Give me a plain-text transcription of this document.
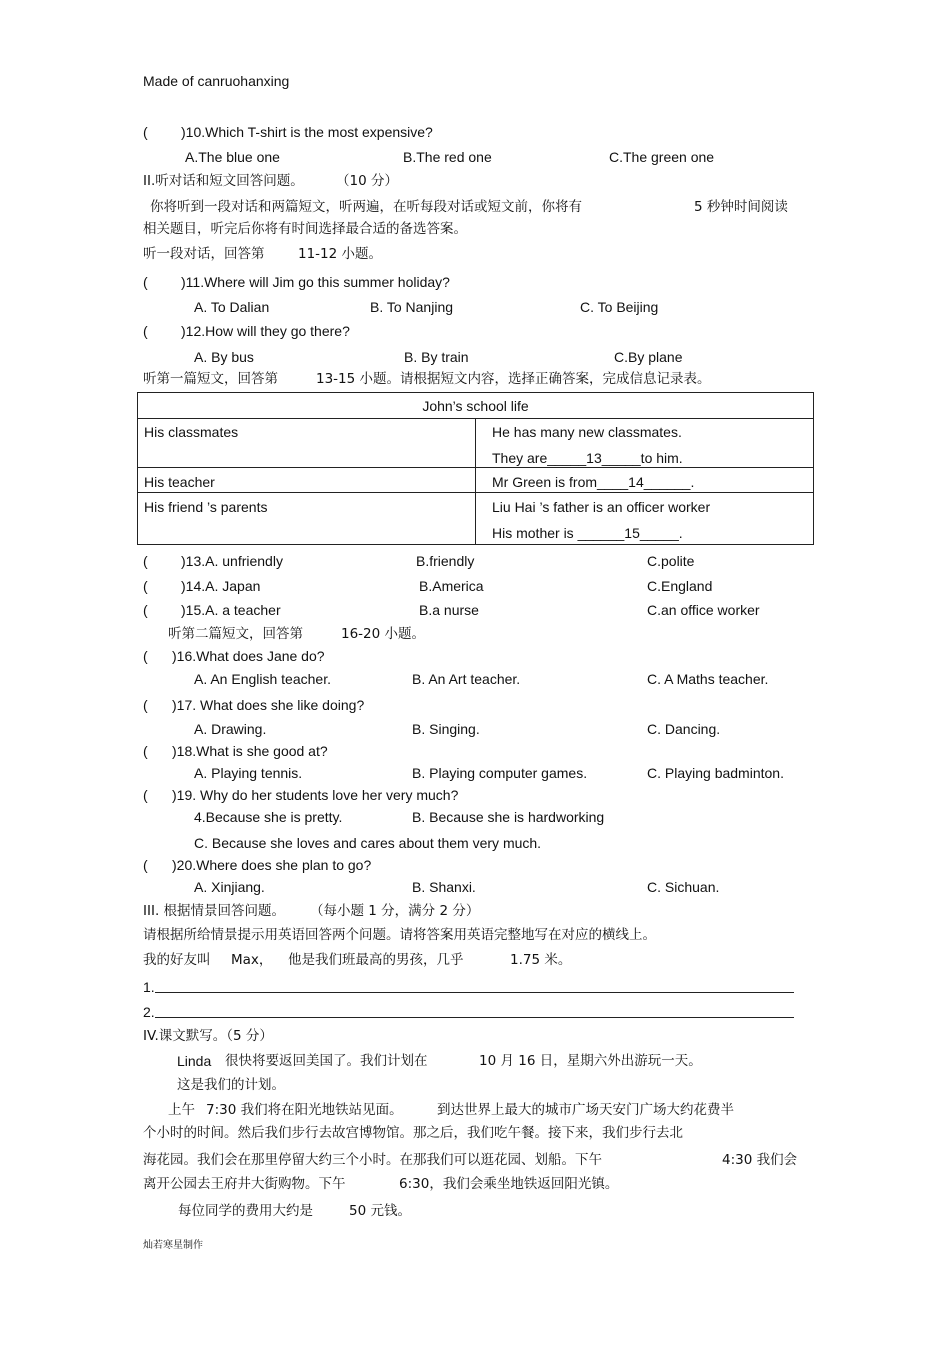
Made of canruohanxing
( )10.Which T-shirt is the most expensive?
A.The blue one	B.The red one	C.The green one
II.听对话和短文回答问题。 （10 分）
你将听到一段对话和两篇短文，听两遍，在听每段对话或短文前，你将有	5 秒钟时间阅读
相关题目，听完后你将有时间选择最合适的备选答案。
听一段对话，回答第 11-12 小题。
( )11.Where will Jim go this summer holiday?
A. To Dalian	B. To Nanjing	C. To Beijing
( )12.How will they go there?
A. By bus	B. By train	C.By plane
听第一篇短文，回答第	13-15 小题。请根据短文内容，选择正确答案，完成信息记录表。
John’s school life	
His classmates	He has many new classmates.
They are_____13_____to him.

His teacher	Mr Green is from____14______.
His friend ’s parents	Liu Hai ’s father is an officer worker
His mother is ______15_____.
( )13.A. unfriendly	B.friendly	C.polite
( )14.A. Japan	B.America	C.England
( )15.A. a teacher	B.a nurse	C.an office worker
听第二篇短文，回答第	16-20 小题。
( )16.What does Jane do?
A. An English teacher.	B. An Art teacher.	C. A Maths teacher.
( )17. What does she like doing?
A. Drawing.	B. Singing.	C. Dancing.
( )18.What is she good at?
A. Playing tennis.	B. Playing computer games.	C. Playing badminton.
( )19. Why do her students love her very much?
4.Because she is pretty.	B. Because she is hardworking
C. Because she loves and cares about them very much.
( )20.Where does she plan to go?
A. Xinjiang.	B. Shanxi.	C. Sichuan.
III. 根据情景回答问题。 （每小题 1 分，满分 2 分）
请根据所给情景提示用英语回答两个问题。请将答案用英语完整地写在对应的横线上。
我的好友叫 Max， 他是我们班最高的男孩，几乎	1.75 米。
1.
2.
IV.课文默写。（5 分）
Linda 很快将要返回美国了。我们计划在	10 月 16 日，星期六外出游玩一天。
这是我们的计划。
上午 7:30 我们将在阳光地铁站见面。	到达世界上最大的城市广场天安门广场大约花费半
个小时的时间。然后我们步行去故宫博物馆。那之后，我们吃午餐。接下来，我们步行去北
海花园。我们会在那里停留大约三个小时。在那我们可以逛花园、划船。下午	4:30 我们会
离开公园去王府井大街购物。下午	6:30，我们会乘坐地铁返回阳光镇。
每位同学的费用大约是	50 元钱。
灿若寒星制作
